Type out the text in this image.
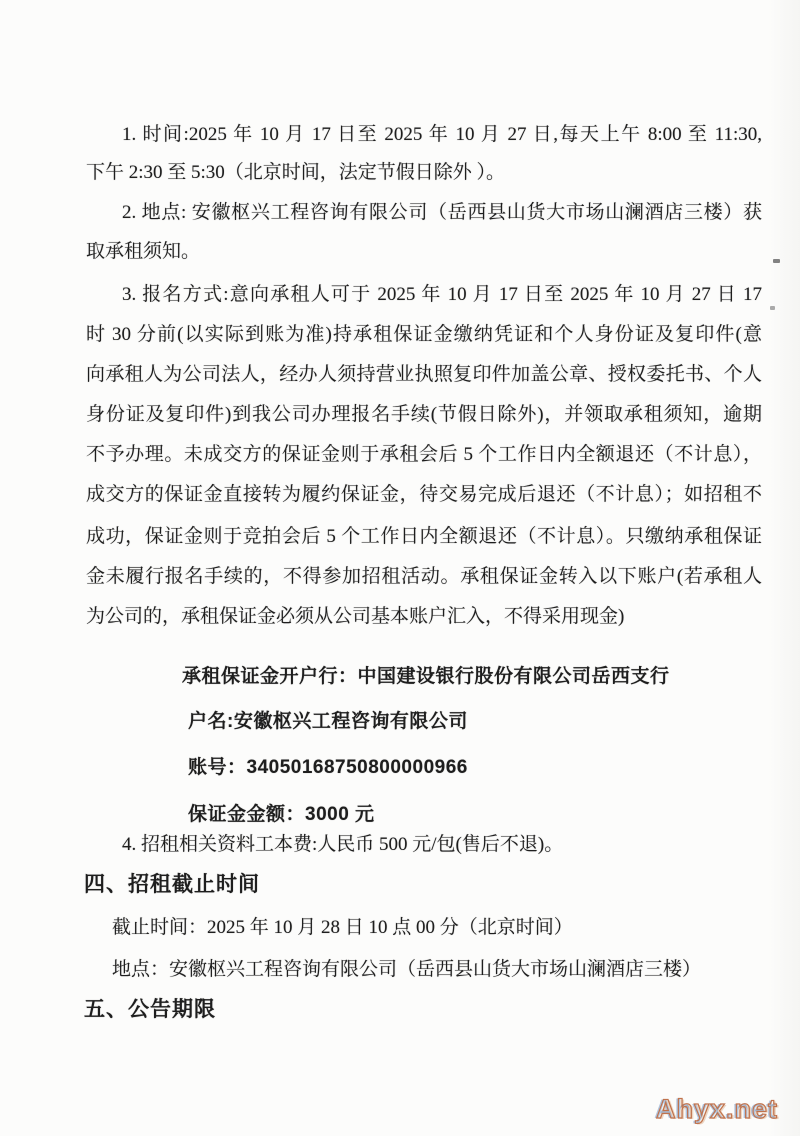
1. 时间:2025 年 10 月 17 日至 2025 年 10 月 27 日,每天上午 8:00 至 11:30,
下午 2:30 至 5:30（北京时间，法定节假日除外 ）。
2. 地点: 安徽枢兴工程咨询有限公司（岳西县山货大市场山澜酒店三楼）获
取承租须知。
3. 报名方式:意向承租人可于 2025 年 10 月 17 日至 2025 年 10 月 27 日 17
时 30 分前(以实际到账为准)持承租保证金缴纳凭证和个人身份证及复印件(意
向承租人为公司法人，经办人须持营业执照复印件加盖公章、授权委托书、个人
身份证及复印件)到我公司办理报名手续(节假日除外)，并领取承租须知，逾期
不予办理。未成交方的保证金则于承租会后 5 个工作日内全额退还（不计息），
成交方的保证金直接转为履约保证金，待交易完成后退还（不计息）；如招租不
成功，保证金则于竞拍会后 5 个工作日内全额退还（不计息）。只缴纳承租保证
金未履行报名手续的，不得参加招租活动。承租保证金转入以下账户(若承租人
为公司的，承租保证金必须从公司基本账户汇入，不得采用现金)
承租保证金开户行：中国建设银行股份有限公司岳西支行
户名:安徽枢兴工程咨询有限公司
账号：34050168750800000966
保证金金额：3000 元
4. 招租相关资料工本费:人民币 500 元/包(售后不退)。
四、招租截止时间
截止时间：2025 年 10 月 28 日 10 点 00 分（北京时间）
地点：安徽枢兴工程咨询有限公司（岳西县山货大市场山澜酒店三楼）
五、公告期限
Ahyx.net
